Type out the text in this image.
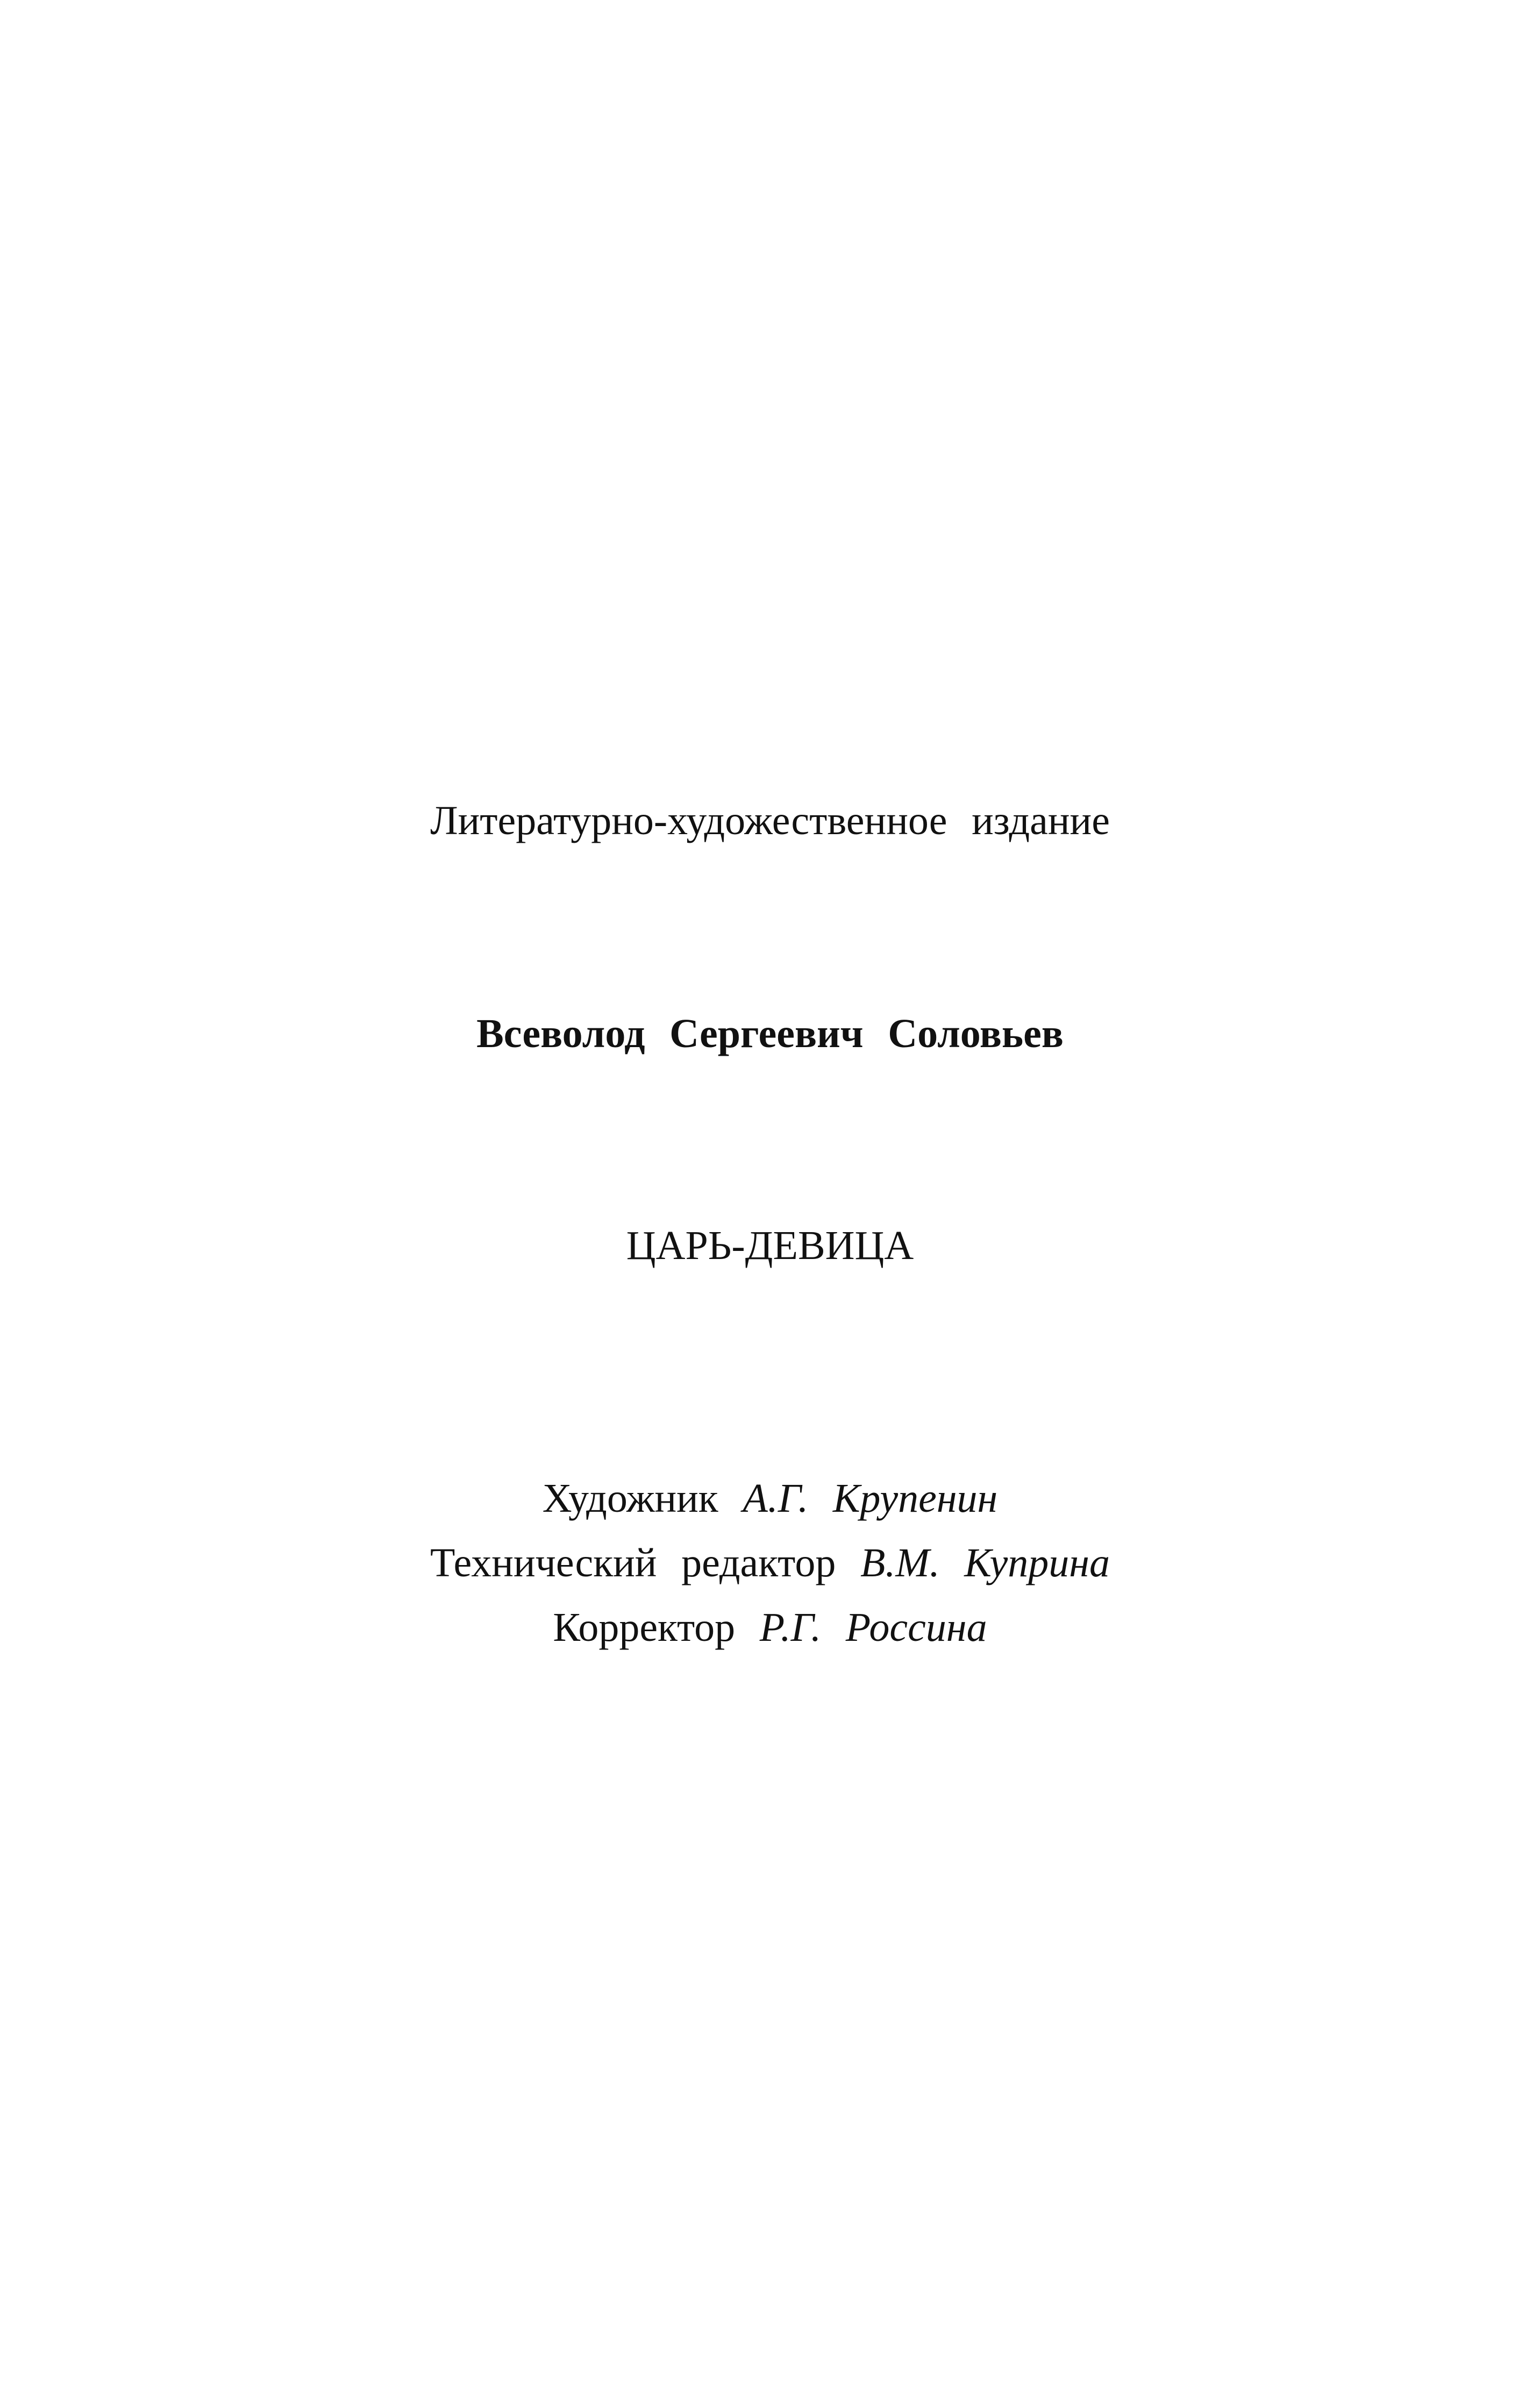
Литературно-художественное издание
Всеволод Сергеевич Соловьев
ЦАРЬ-ДЕВИЦА
Художник А.Г. Крупенин
Технический редактор В.М. Куприна
Корректор Р.Г. Россина
